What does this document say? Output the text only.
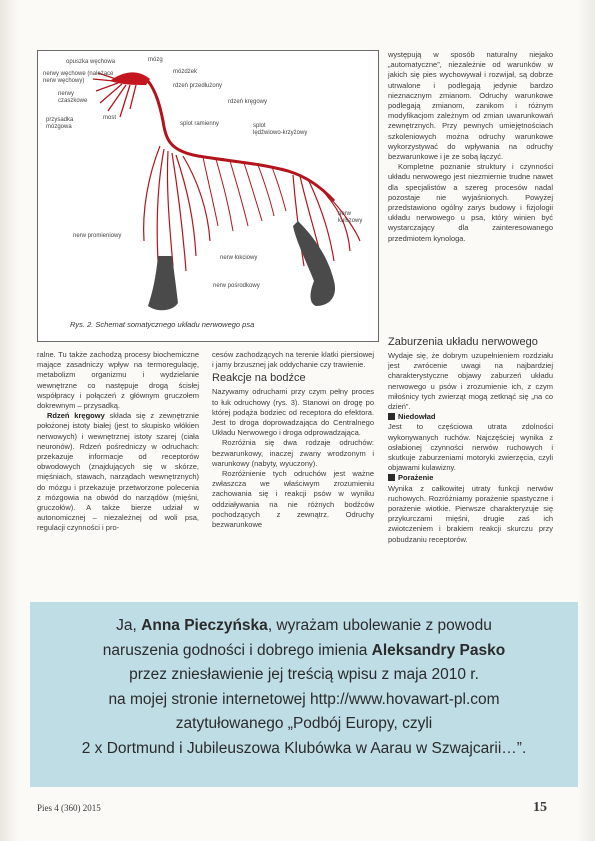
opuszka węchowa	mózg
nerwy węchowe (należące
nerw węchowy)
móżdżek
rdzeń przedłużony
nerwy
czaszkowe	rdzeń kręgowy
przysadka
mózgowa
most
splot ramienny	splot
lędźwiowo-krzyżowy
nerw
kulszowy
nerw promieniowy
nerw łokciowy
nerw pośrodkowy
Rys. 2. Schemat somatycznego układu nerwowego psa

występują w sposób naturalny niejako „automatyczne”, niezależnie od warunków w jakich się pies wychowywał i rozwijał, są dobrze utrwalone i podlegają jedynie bardzo nieznacznym zmianom. Odruchy warunkowe podlegają zmianom, zanikom i różnym modyfikacjom zależnym od zmian uwarunkowań zewnętrznych. Przy pewnych umiejętnościach szkoleniowych można odruchy warunkowe wykorzystywać do wpływania na odruchy bezwarunkowe i je ze sobą łączyć.

Kompletne poznanie struktury i czynności układu nerwowego jest niezmiernie trudne nawet dla specjalistów a szereg procesów nadal pozostaje nie wyjaśnionych. Powyżej przedstawiono ogólny zarys budowy i fizjologii układu nerwowego u psa, który winien być wystarczający dla zainteresowanego przedmiotem kynologa.

ralne. Tu także zachodzą procesy biochemiczne mające zasadniczy wpływ na termoregulację, metabolizm organizmu i wydzielanie wewnętrzne co następuje drogą ścisłej współpracy i połączeń z głównym gruczołem dokrewnym – przysadką.

Rdzeń kręgowy składa się z zewnętrznie położonej istoty białej (jest to skupisko włókien nerwowych) i wewnętrznej istoty szarej (ciała neuronów). Rdzeń pośredniczy w odruchach: przekazuje informacje od receptorów obwodowych (znajdujących się w skórze, mięśniach, stawach, narządach wewnętrznych) do mózgu i przekazuje przetworzone polecenia z mózgowia na obwód do narządów (mięśni, gruczołów). A także bierze udział w autonomicznej – niezależnej od woli psa, regulacji czynności i pro-

cesów zachodzących na terenie klatki piersiowej i jamy brzusznej jak oddychanie czy trawienie.

Reakcje na bodźce

Nazywamy odruchami przy czym pełny proces to łuk odruchowy (rys. 3). Stanowi on drogę po której podąża bodziec od receptora do efektora. Jest to droga doprowadzająca do Centralnego Układu Nerwowego i droga odprowadzająca.

Rozróżnia się dwa rodzaje odruchów: bezwarunkowy, inaczej zwany wrodzonym i warunkowy (nabyty, wyuczony).

Rozróżnienie tych odruchów jest ważne zwłaszcza we właściwym zrozumieniu zachowania się i reakcji psów w wyniku oddziaływania na nie różnych bodźców pochodzących z zewnątrz. Odruchy bezwarunkowe

Zaburzenia układu nerwowego

Wydaje się, że dobrym uzupełnieniem rozdziału jest zwrócenie uwagi na najbardziej charakterystyczne objawy zaburzeń układu nerwowego u psów i zrozumienie ich, z czym miłośnicy tych zwierząt mogą zetknąć się „na co dzień”.

Niedowład

Jest to częściowa utrata zdolności wykonywanych ruchów. Najczęściej wynika z osłabionej czynności nerwów ruchowych i skutkuje zaburzeniami motoryki zwierzęcia, czyli objawami kulawizny.

Porażenie

Wynika z całkowitej utraty funkcji nerwów ruchowych. Rozróżniamy porażenie spastyczne i porażenie wiotkie. Pierwsze charakteryzuje się przykurczami mięśni, drugie zaś ich zwiotczeniem i brakiem reakcji skurczu przy pobudzaniu receptorów.

Ja, Anna Pieczyńska, wyrażam ubolewanie z powodu
naruszenia godności i dobrego imienia Aleksandry Pasko
przez zniesławienie jej treścią wpisu z maja 2010 r.
na mojej stronie internetowej http://www.hovawart-pl.com
zatytułowanego „Podbój Europy, czyli
2 x Dortmund i Jubileuszowa Klubówka w Aarau w Szwajcarii…”.
Pies 4 (360) 2015	15
